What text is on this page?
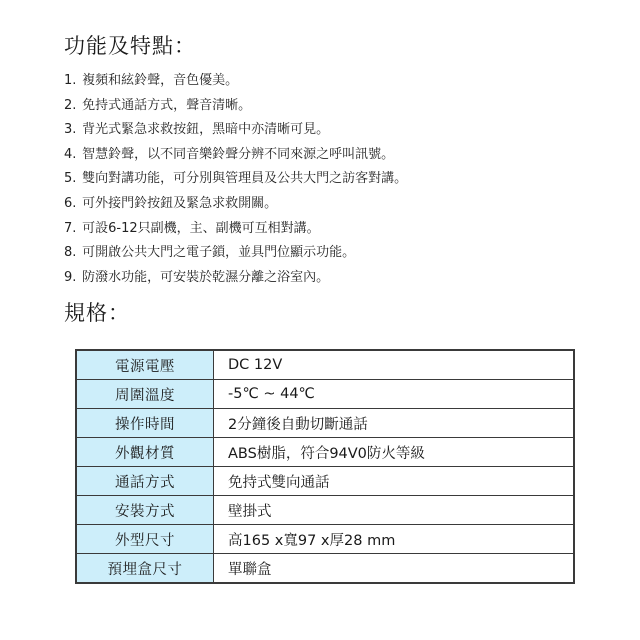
功能及特點：
1. 複頻和絃鈴聲，音色優美。
2. 免持式通話方式，聲音清晰。
3. 背光式緊急求救按鈕，黑暗中亦清晰可見。
4. 智慧鈴聲，以不同音樂鈴聲分辨不同來源之呼叫訊號。
5. 雙向對講功能，可分別與管理員及公共大門之訪客對講。
6. 可外接門鈴按鈕及緊急求救開關。
7. 可設6-12只副機，主、副機可互相對講。
8. 可開啟公共大門之電子鎖，並具門位顯示功能。
9. 防潑水功能，可安裝於乾濕分離之浴室內。
規格：
電源電壓	DC 12V
周圍溫度	-5℃ ~ 44℃
操作時間	2分鐘後自動切斷通話
外觀材質	ABS樹脂，符合94V0防火等級
通話方式	免持式雙向通話
安裝方式	壁掛式
外型尺寸	高165 x寬97 x厚28 mm
預埋盒尺寸	單聯盒
